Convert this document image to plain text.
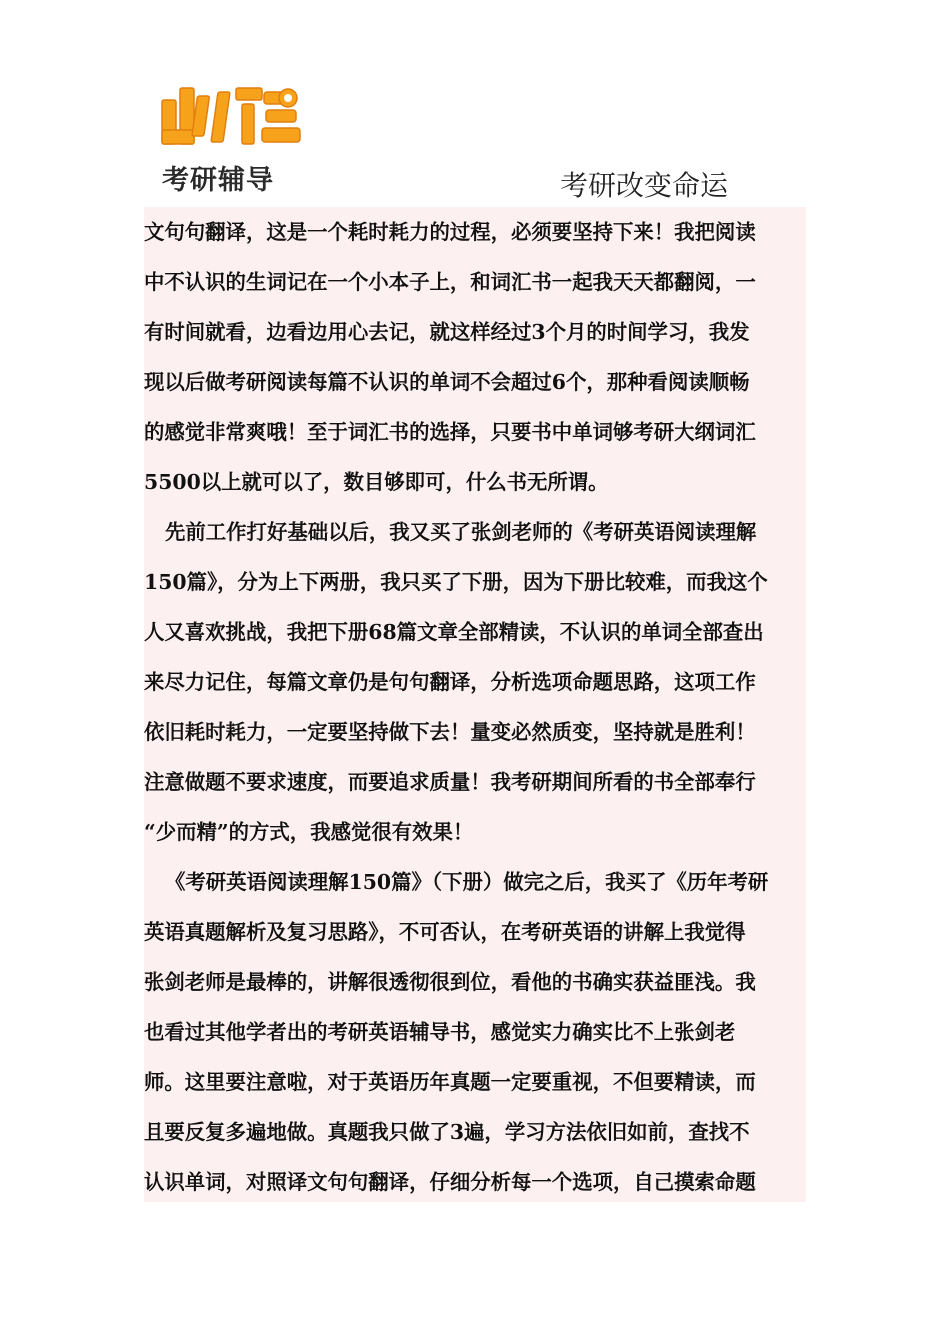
考研辅导	考研改变命运
文句句翻译，这是一个耗时耗力的过程，必须要坚持下来！我把阅读
中不认识的生词记在一个小本子上，和词汇书一起我天天都翻阅，一
有时间就看，边看边用心去记，就这样经过3个月的时间学习，我发
现以后做考研阅读每篇不认识的单词不会超过6个，那种看阅读顺畅
的感觉非常爽哦！至于词汇书的选择，只要书中单词够考研大纲词汇
5500以上就可以了，数目够即可，什么书无所谓。
先前工作打好基础以后，我又买了张剑老师的《考研英语阅读理解
150篇》，分为上下两册，我只买了下册，因为下册比较难，而我这个
人又喜欢挑战，我把下册68篇文章全部精读，不认识的单词全部查出
来尽力记住，每篇文章仍是句句翻译，分析选项命题思路，这项工作
依旧耗时耗力，一定要坚持做下去！量变必然质变，坚持就是胜利！
注意做题不要求速度，而要追求质量！我考研期间所看的书全部奉行
“少而精”的方式，我感觉很有效果！
《考研英语阅读理解150篇》（下册）做完之后，我买了《历年考研
英语真题解析及复习思路》，不可否认，在考研英语的讲解上我觉得
张剑老师是最棒的，讲解很透彻很到位，看他的书确实获益匪浅。我
也看过其他学者出的考研英语辅导书，感觉实力确实比不上张剑老
师。这里要注意啦，对于英语历年真题一定要重视，不但要精读，而
且要反复多遍地做。真题我只做了3遍，学习方法依旧如前，查找不
认识单词，对照译文句句翻译，仔细分析每一个选项，自己摸索命题
